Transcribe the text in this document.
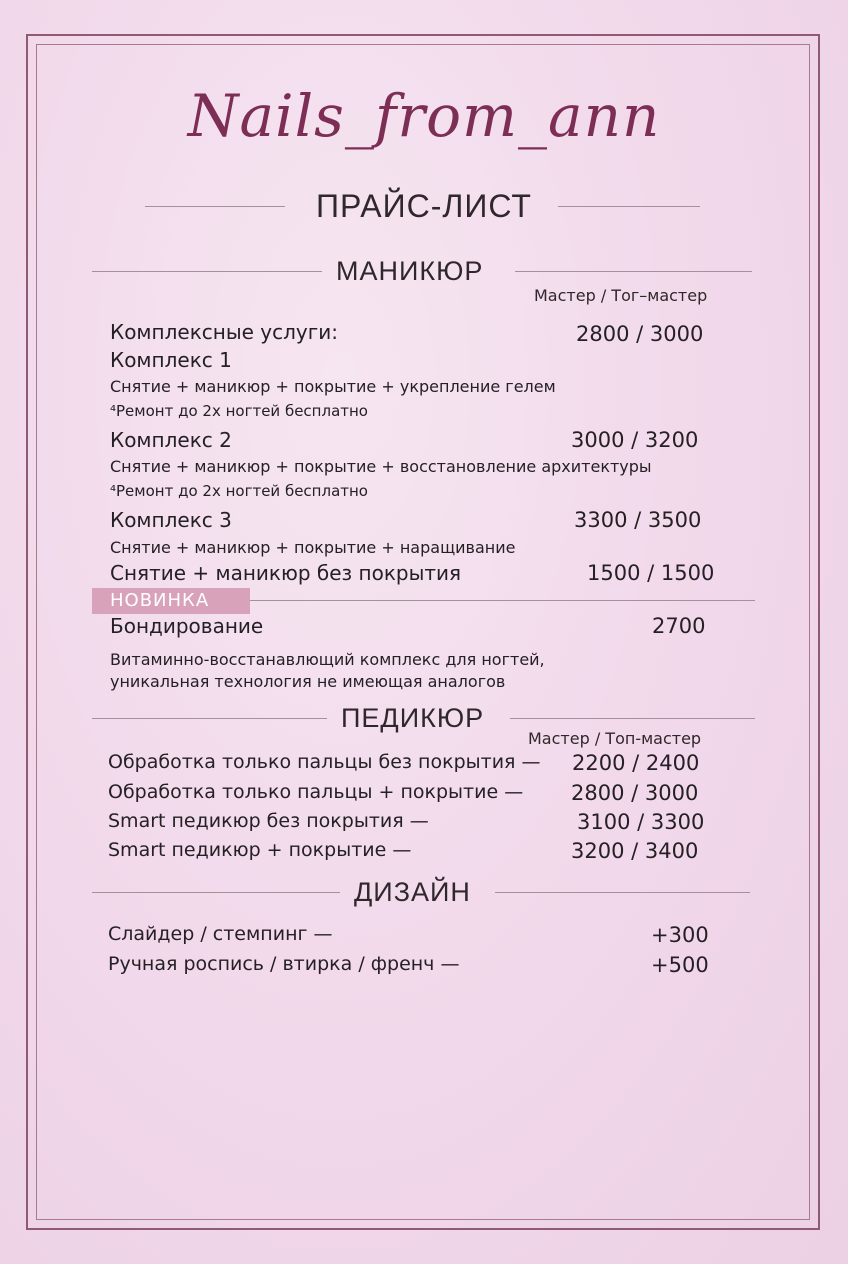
Nails_from_ann
ПРАЙС-ЛИСТ
МАНИКЮР
Мастер / Тог–мастер
Комплексные услуги:	2800 / 3000
Комплекс 1
Снятие + маникюр + покрытие + укрепление гелем
⁴Ремонт до 2х ногтей бесплатно
Комплекс 2	3000 / 3200
Снятие + маникюр + покрытие + восстановление архитектуры
⁴Ремонт до 2х ногтей бесплатно
Комплекс 3	3300 / 3500
Снятие + маникюр + покрытие + наращивание
Снятие + маникюр без покрытия	1500 / 1500
НОВИНКА
Бондирование	2700
Витаминно-восстанавлющий комплекс для ногтей,
уникальная технология не имеющая аналогов
ПЕДИКЮР
Мастер / Топ-мастер
Обработка только пальцы без покрытия — 2200 / 2400
Обработка только пальцы + покрытие — 2800 / 3000
Smart педикюр без покрытия —	3100 / 3300
Smart педикюр + покрытие —	3200 / 3400
ДИЗАЙН
Слайдер / стемпинг —	+300
Ручная роспись / втирка / френч —	+500
